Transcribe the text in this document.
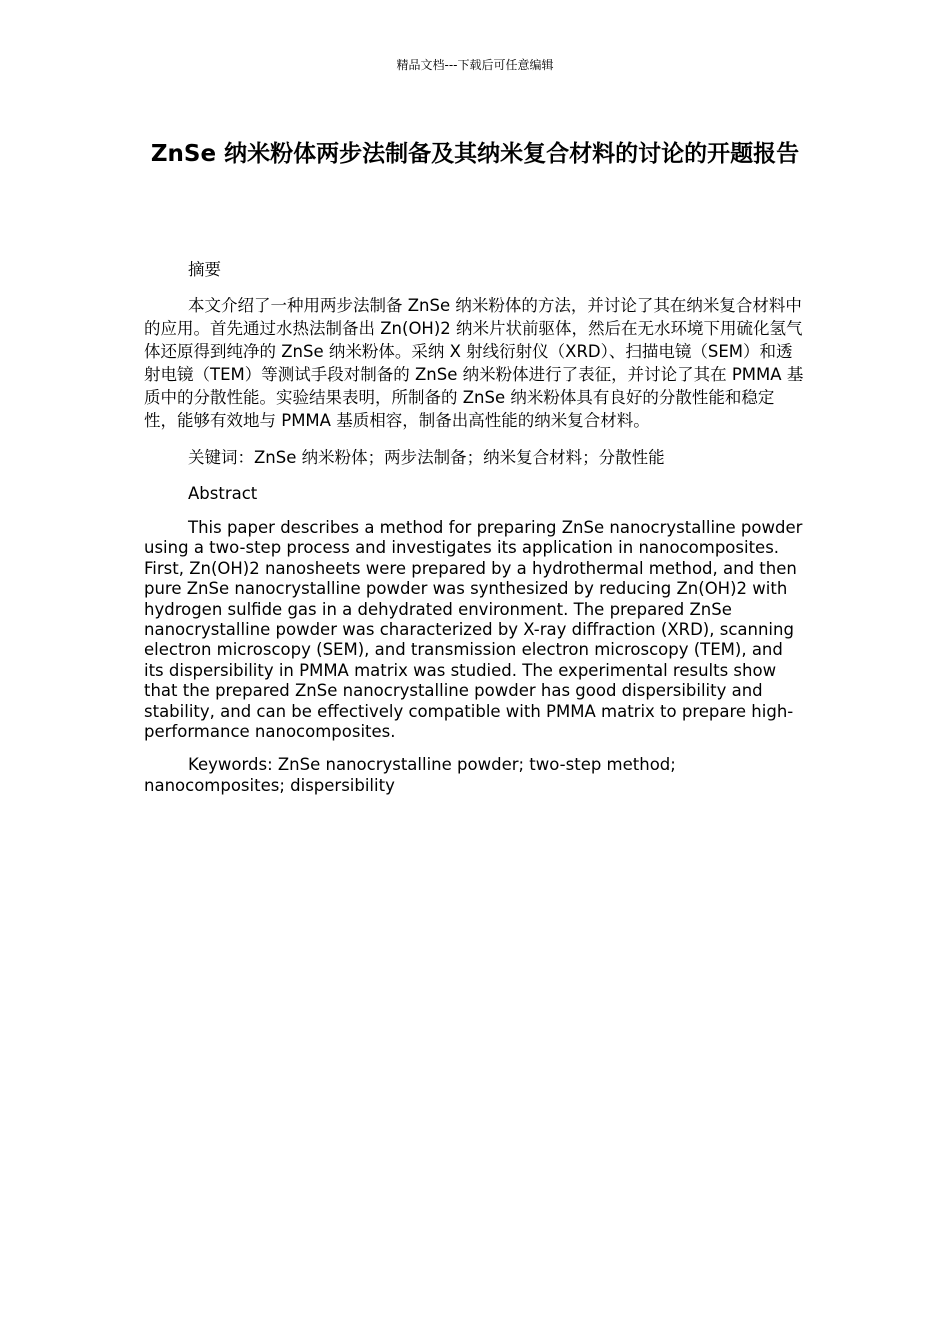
精品文档---下载后可任意编辑
ZnSe 纳米粉体两步法制备及其纳米复合材料的讨论的开题报告

摘要

本文介绍了一种用两步法制备 ZnSe 纳米粉体的方法，并讨论了其在纳米复合材料中的应用。首先通过水热法制备出 Zn(OH)2 纳米片状前驱体，然后在无水环境下用硫化氢气体还原得到纯净的 ZnSe 纳米粉体。采纳 X 射线衍射仪（XRD）、扫描电镜（SEM）和透射电镜（TEM）等测试手段对制备的 ZnSe 纳米粉体进行了表征，并讨论了其在 PMMA 基质中的分散性能。实验结果表明，所制备的 ZnSe 纳米粉体具有良好的分散性能和稳定性，能够有效地与 PMMA 基质相容，制备出高性能的纳米复合材料。

关键词：ZnSe 纳米粉体；两步法制备；纳米复合材料；分散性能

Abstract

This paper describes a method for preparing ZnSe nanocrystalline powder using a two-step process and investigates its application in nanocomposites. First, Zn(OH)2 nanosheets were prepared by a hydrothermal method, and then pure ZnSe nanocrystalline powder was synthesized by reducing Zn(OH)2 with hydrogen sulfide gas in a dehydrated environment. The prepared ZnSe nanocrystalline powder was characterized by X-ray diffraction (XRD), scanning electron microscopy (SEM), and transmission electron microscopy (TEM), and its dispersibility in PMMA matrix was studied. The experimental results show that the prepared ZnSe nanocrystalline powder has good dispersibility and stability, and can be effectively compatible with PMMA matrix to prepare high-performance nanocomposites.

Keywords: ZnSe nanocrystalline powder; two-step method; nanocomposites; dispersibility
